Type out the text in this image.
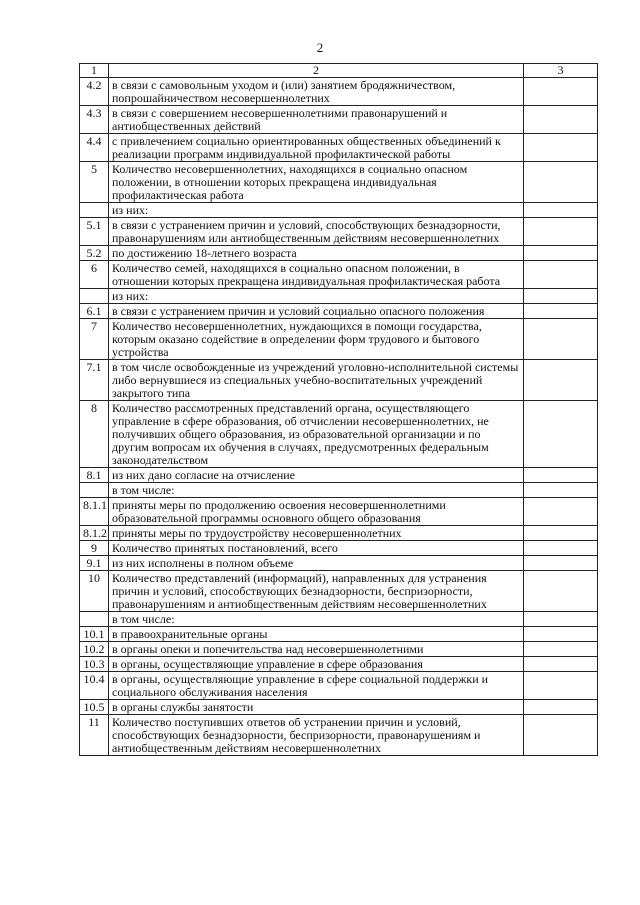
2
1	2	3
4.2	в связи с самовольным уходом и (или) занятием бродяжничеством, попрошайничеством несовершеннолетних	
4.3	в связи с совершением несовершеннолетними правонарушений и антиобщественных действий	
4.4	с привлечением социально ориентированных общественных объединений к реализации программ индивидуальной профилактической работы	
5	Количество несовершеннолетних, находящихся в социально опасном положении, в отношении которых прекращена индивидуальная профилактическая работа	
	из них:	
5.1	в связи с устранением причин и условий, способствующих безнадзорности, правонарушениям или антиобщественным действиям несовершеннолетних	
5.2	по достижению 18-летнего возраста	
6	Количество семей, находящихся в социально опасном положении, в отношении которых прекращена индивидуальная профилактическая работа	
	из них:	
6.1	в связи с устранением причин и условий социально опасного положения	
7	Количество несовершеннолетних, нуждающихся в помощи государства, которым оказано содействие в определении форм трудового и бытового устройства	
7.1	в том числе освобожденные из учреждений уголовно-исполнительной системы либо вернувшиеся из специальных учебно-воспитательных учреждений закрытого типа	
8	Количество рассмотренных представлений органа, осуществляющего управление в сфере образования, об отчислении несовершеннолетних, не получивших общего образования, из образовательной организации и по другим вопросам их обучения в случаях, предусмотренных федеральным законодательством	
8.1	из них дано согласие на отчисление	
	в том числе:	
8.1.1	приняты меры по продолжению освоения несовершеннолетними образовательной программы основного общего образования	
8.1.2	приняты меры по трудоустройству несовершеннолетних	
9	Количество принятых постановлений, всего	
9.1	из них исполнены в полном объеме	
10	Количество представлений (информаций), направленных для устранения причин и условий, способствующих безнадзорности, беспризорности, правонарушениям и антиобщественным действиям несовершеннолетних	
	в том числе:	
10.1	в правоохранительные органы	
10.2	в органы опеки и попечительства над несовершеннолетними	
10.3	в органы, осуществляющие управление в сфере образования	
10.4	в органы, осуществляющие управление в сфере социальной поддержки и социального обслуживания населения	
10.5	в органы службы занятости	
11	Количество поступивших ответов об устранении причин и условий, способствующих безнадзорности, беспризорности, правонарушениям и антиобщественным действиям несовершеннолетних	
